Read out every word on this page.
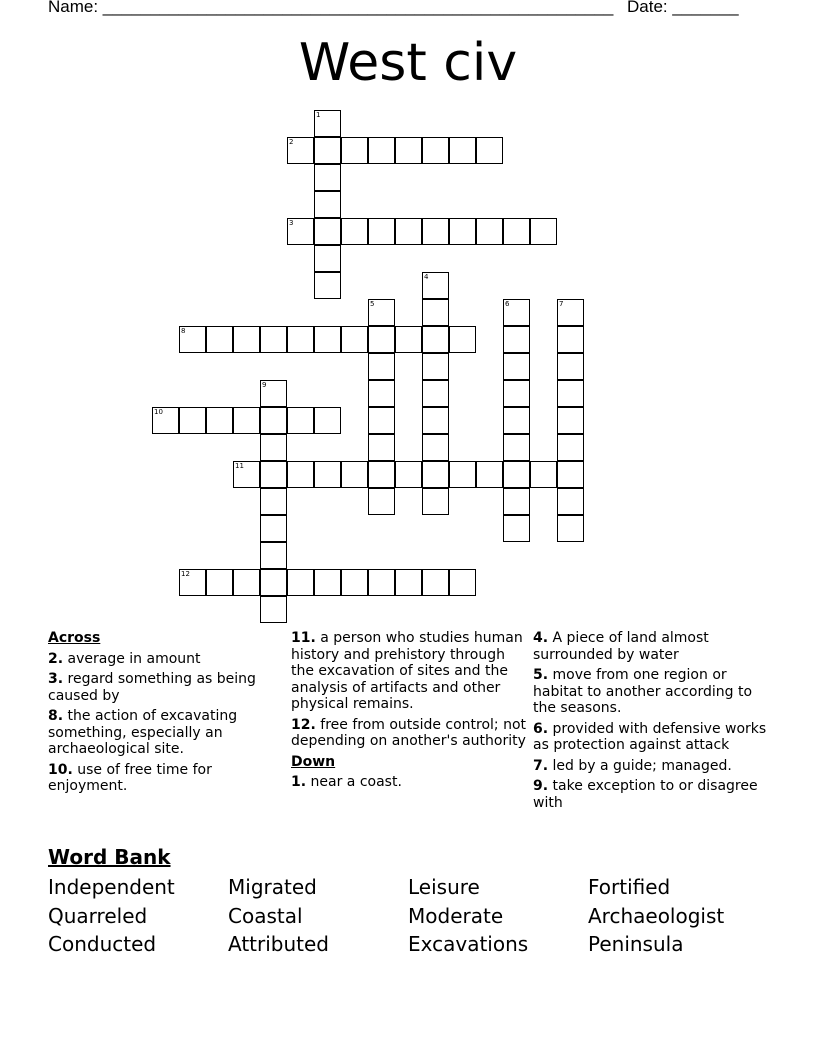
Name: ______________________________________________________ Date: _______
West civ
1
2
3
4
5	6	7
8
9
10
11
12
Across
2. average in amount
3. regard something as being caused by
8. the action of excavating something, especially an archaeological site.
10. use of free time for enjoyment.
11. a person who studies human history and prehistory through the excavation of sites and the analysis of artifacts and other physical remains.
12. free from outside control; not depending on another's authority
Down
1. near a coast.
4. A piece of land almost surrounded by water
5. move from one region or habitat to another according to the seasons.
6. provided with defensive works as protection against attack
7. led by a guide; managed.
9. take exception to or disagree with
Word Bank
Independent	Migrated	Leisure	Fortified
Quarreled	Coastal	Moderate	Archaeologist
Conducted	Attributed	Excavations	Peninsula
